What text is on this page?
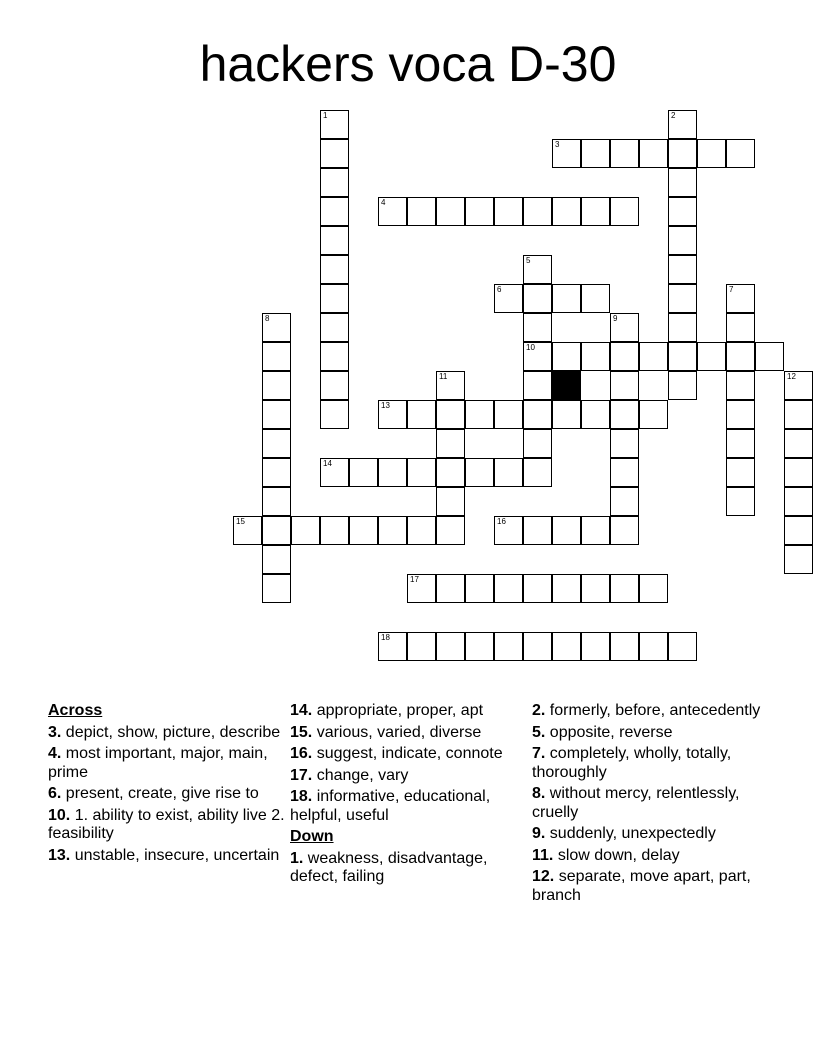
hackers voca D-30
1	2
3
4
5
10
6	7
8	9
11	12
13
14
15	16
17
18
Across
3. depict, show, picture, describe
4. most important, major, main, prime
6. present, create, give rise to
10. 1. ability to exist, ability live 2. feasibility
13. unstable, insecure, uncertain
14. appropriate, proper, apt
15. various, varied, diverse
16. suggest, indicate, connote
17. change, vary
18. informative, educational, helpful, useful
Down
1. weakness, disadvantage, defect, failing
2. formerly, before, antecedently
5. opposite, reverse
7. completely, wholly, totally, thoroughly
8. without mercy, relentlessly, cruelly
9. suddenly, unexpectedly
11. slow down, delay
12. separate, move apart, part, branch
